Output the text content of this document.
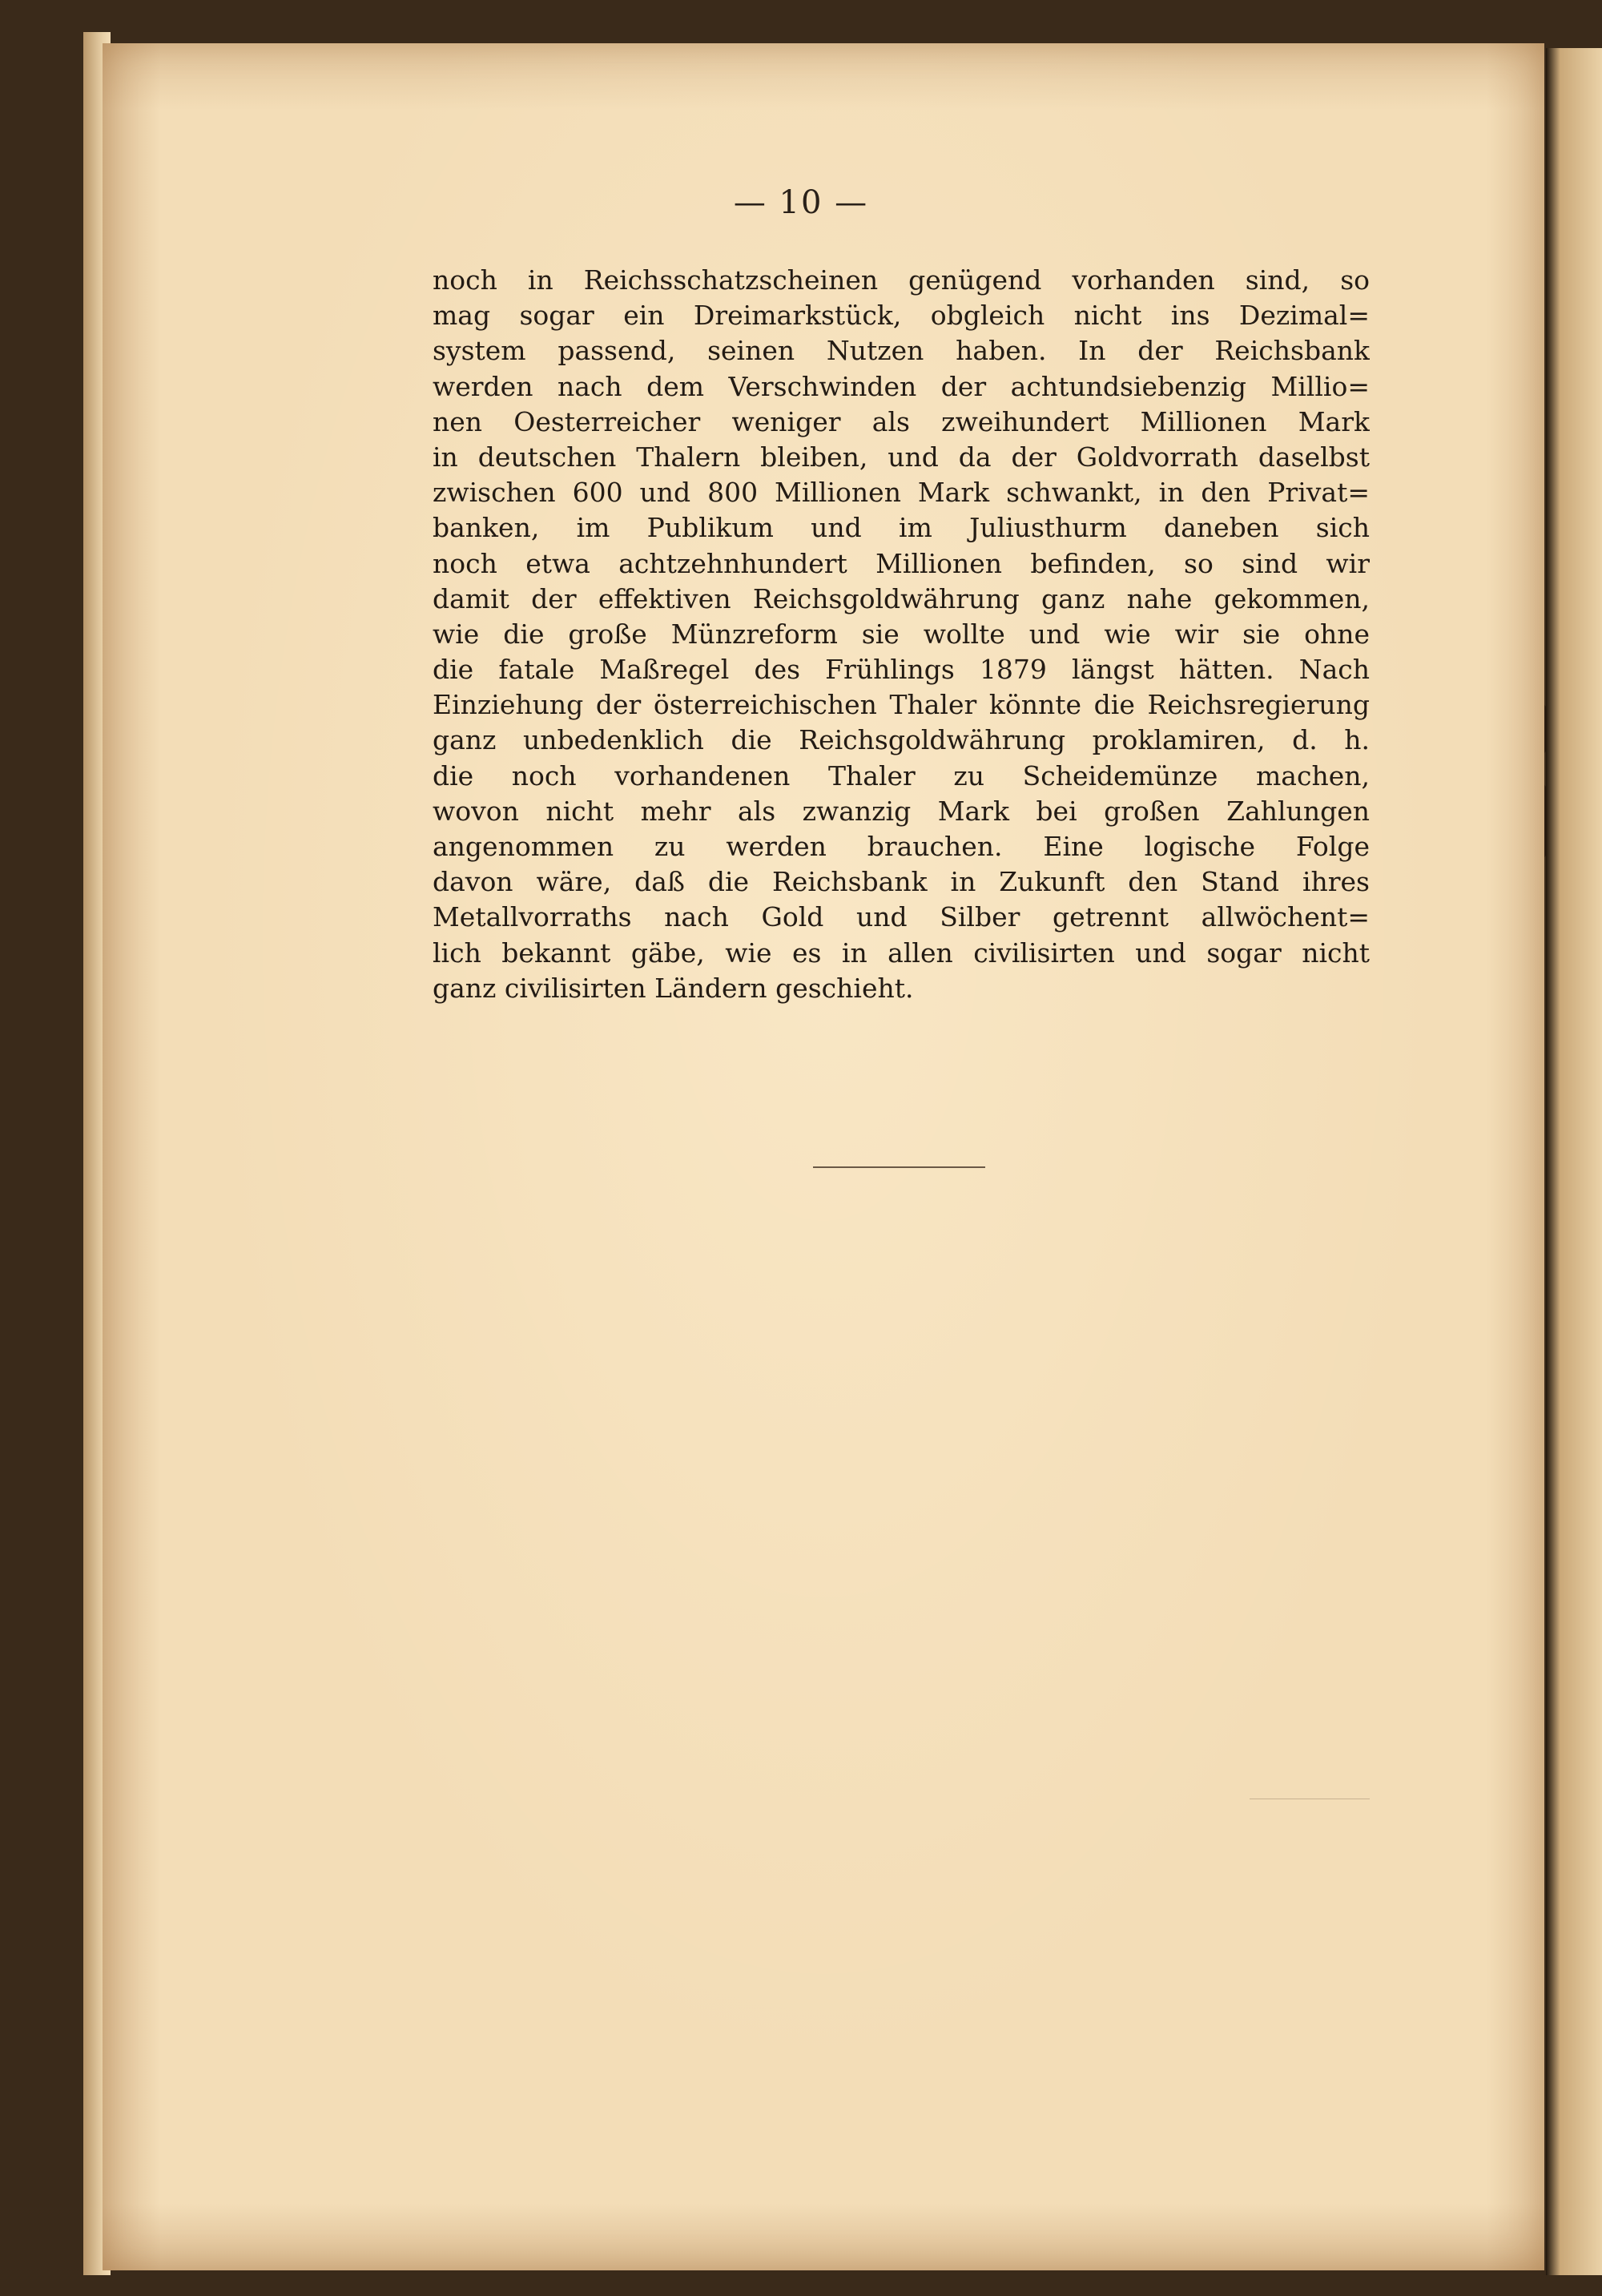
— 10 —
noch in Reichsschatzscheinen genügend vorhanden sind, so
mag sogar ein Dreimarkstück, obgleich nicht ins Dezimal=
system passend, seinen Nutzen haben. In der Reichsbank
werden nach dem Verschwinden der achtundsiebenzig Millio=
nen Oesterreicher weniger als zweihundert Millionen Mark
in deutschen Thalern bleiben, und da der Goldvorrath daselbst
zwischen 600 und 800 Millionen Mark schwankt, in den Privat=
banken, im Publikum und im Juliusthurm daneben sich
noch etwa achtzehnhundert Millionen befinden, so sind wir
damit der effektiven Reichsgoldwährung ganz nahe gekommen,
wie die große Münzreform sie wollte und wie wir sie ohne
die fatale Maßregel des Frühlings 1879 längst hätten. Nach
Einziehung der österreichischen Thaler könnte die Reichsregierung
ganz unbedenklich die Reichsgoldwährung proklamiren, d. h.
die noch vorhandenen Thaler zu Scheidemünze machen,
wovon nicht mehr als zwanzig Mark bei großen Zahlungen
angenommen zu werden brauchen. Eine logische Folge
davon wäre, daß die Reichsbank in Zukunft den Stand ihres
Metallvorraths nach Gold und Silber getrennt allwöchent=
lich bekannt gäbe, wie es in allen civilisirten und sogar nicht
ganz civilisirten Ländern geschieht.
